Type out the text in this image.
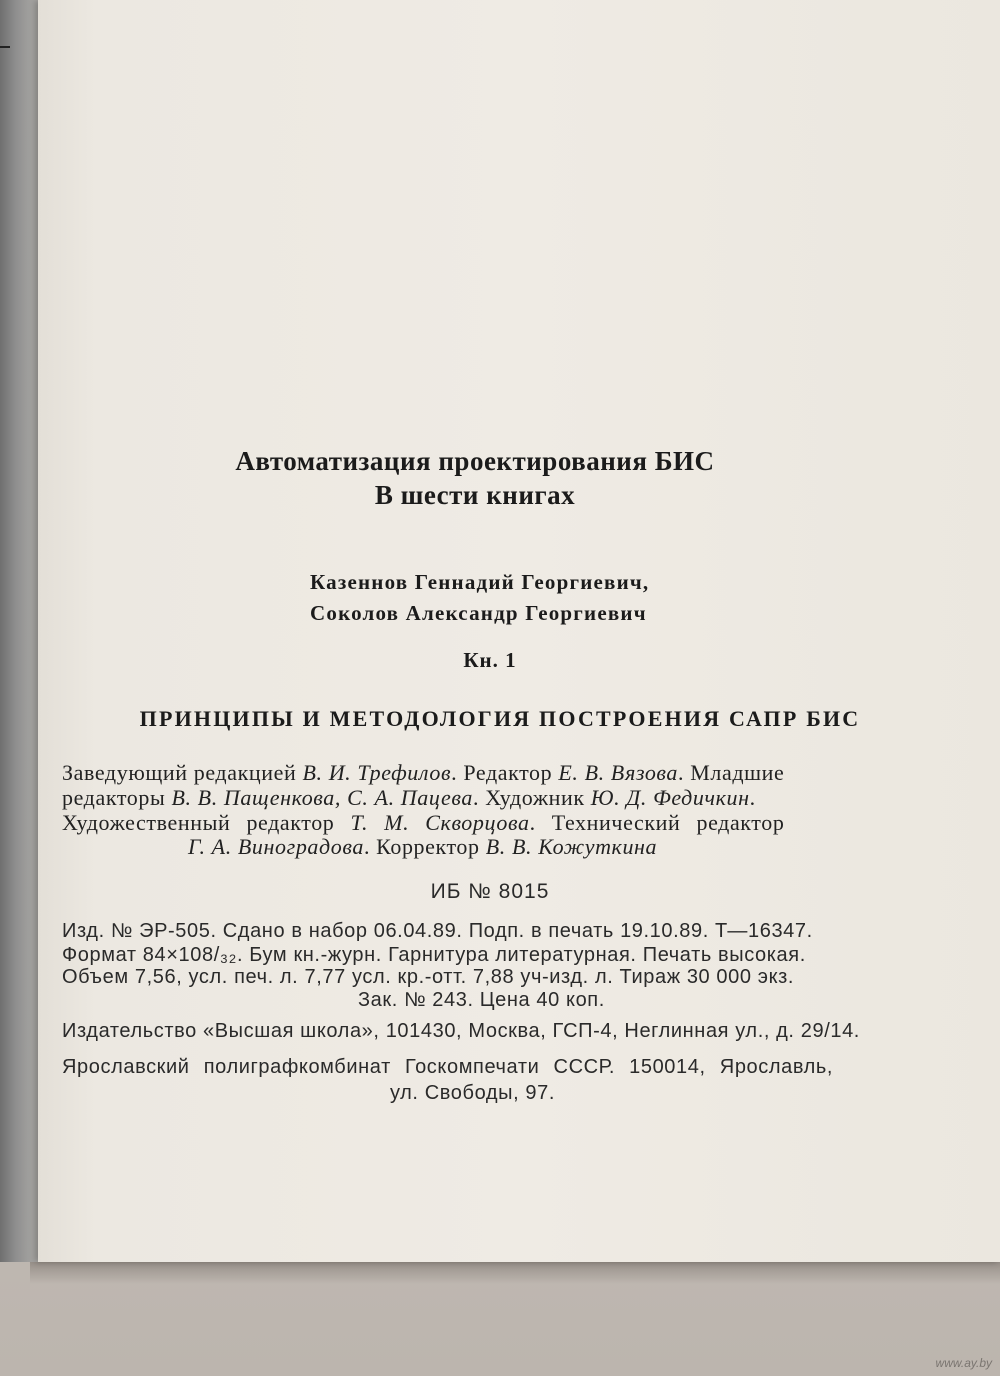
Автоматизация проектирования БИС
В шести книгах
Казеннов Геннадий Георгиевич,
Соколов Александр Георгиевич
Кн. 1
ПРИНЦИПЫ И МЕТОДОЛОГИЯ ПОСТРОЕНИЯ САПР БИС
Заведующий редакцией В. И. Трефилов. Редактор Е. В. Вязова. Младшие
редакторы В. В. Пащенкова, С. А. Пацева. Художник Ю. Д. Федичкин.
Художественный редактор Т. М. Скворцова. Технический редактор
Г. А. Виноградова. Корректор В. В. Кожуткина
ИБ № 8015
Изд. № ЭР-505. Сдано в набор 06.04.89. Подп. в печать 19.10.89. Т—16347.
Формат 84×108/₃₂. Бум кн.-журн. Гарнитура литературная. Печать высокая.
Объем 7,56, усл. печ. л. 7,77 усл. кр.-отт. 7,88 уч-изд. л. Тираж 30 000 экз.
Зак. № 243. Цена 40 коп.
Издательство «Высшая школа», 101430, Москва, ГСП-4, Неглинная ул., д. 29/14.
Ярославский полиграфкомбинат Госкомпечати СССР. 150014, Ярославль,
ул. Свободы, 97.
www.ay.by
